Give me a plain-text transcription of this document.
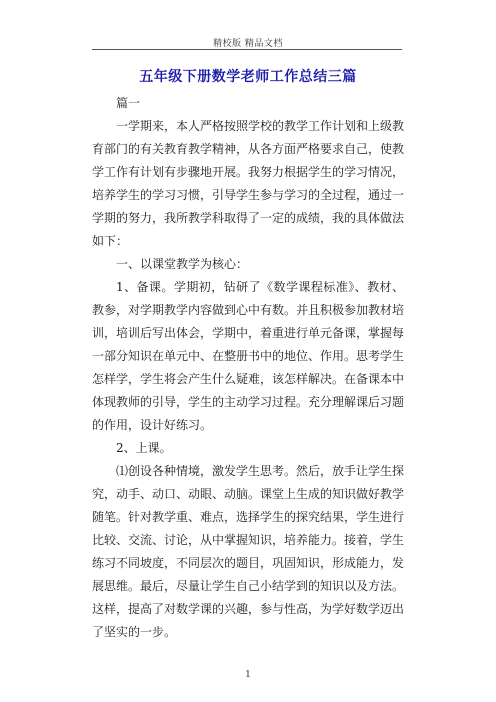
精校版 精品文档
五年级下册数学老师工作总结三篇

篇一

一学期来，本人严格按照学校的教学工作计划和上级教育部门的有关教育教学精神，从各方面严格要求自己，使教学工作有计划有步骤地开展。我努力根据学生的学习情况，培养学生的学习习惯，引导学生参与学习的全过程，通过一学期的努力，我所教学科取得了一定的成绩，我的具体做法如下：

一、以课堂教学为核心：

1、备课。学期初，钻研了《数学课程标准》、教材、教参，对学期教学内容做到心中有数。并且积极参加教材培训，培训后写出体会，学期中，着重进行单元备课，掌握每一部分知识在单元中、在整册书中的地位、作用。思考学生怎样学，学生将会产生什么疑难，该怎样解决。在备课本中体现教师的引导，学生的主动学习过程。充分理解课后习题的作用，设计好练习。

2、上课。

⑴创设各种情境，激发学生思考。然后，放手让学生探究，动手、动口、动眼、动脑。课堂上生成的知识做好教学随笔。针对教学重、难点，选择学生的探究结果，学生进行比较、交流、讨论，从中掌握知识，培养能力。接着，学生练习不同坡度，不同层次的题目，巩固知识，形成能力，发展思维。最后，尽量让学生自己小结学到的知识以及方法。这样，提高了对数学课的兴趣，参与性高，为学好数学迈出了坚实的一步。

1
